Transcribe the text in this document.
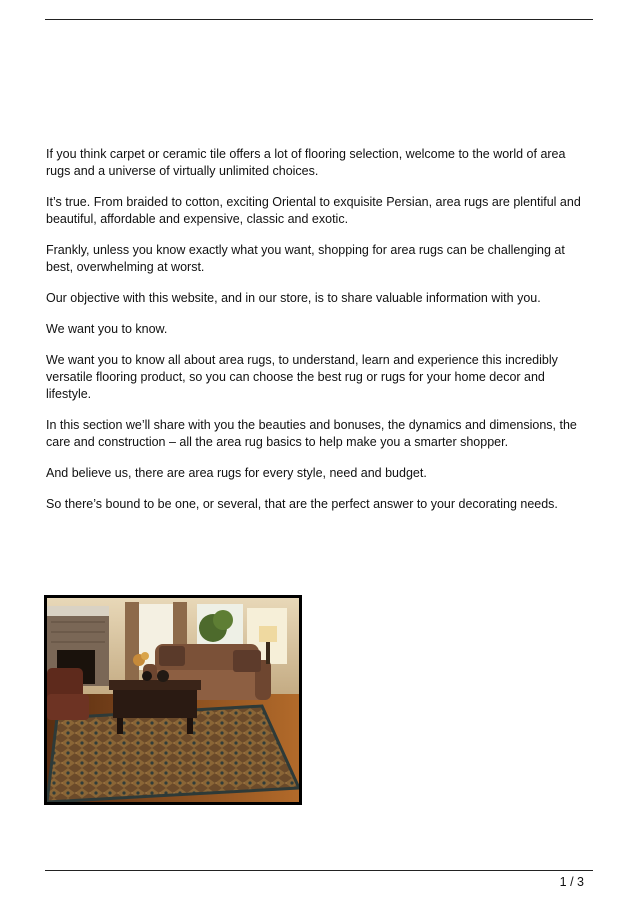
If you think carpet or ceramic tile offers a lot of flooring selection, welcome to the world of area rugs and a universe of virtually unlimited choices.

It’s true. From braided to cotton, exciting Oriental to exquisite Persian, area rugs are plentiful and beautiful, affordable and expensive, classic and exotic.

Frankly, unless you know exactly what you want, shopping for area rugs can be challenging at best, overwhelming at worst.

Our objective with this website, and in our store, is to share valuable information with you.

We want you to know.

We want you to know all about area rugs, to understand, learn and experience this incredibly versatile flooring product, so you can choose the best rug or rugs for your home decor and lifestyle.

In this section we’ll share with you the beauties and bonuses, the dynamics and dimensions, the care and construction – all the area rug basics to help make you a smarter shopper.

And believe us, there are area rugs for every style, need and budget.

So there’s bound to be one, or several, that are the perfect answer to your decorating needs.

1 / 3
